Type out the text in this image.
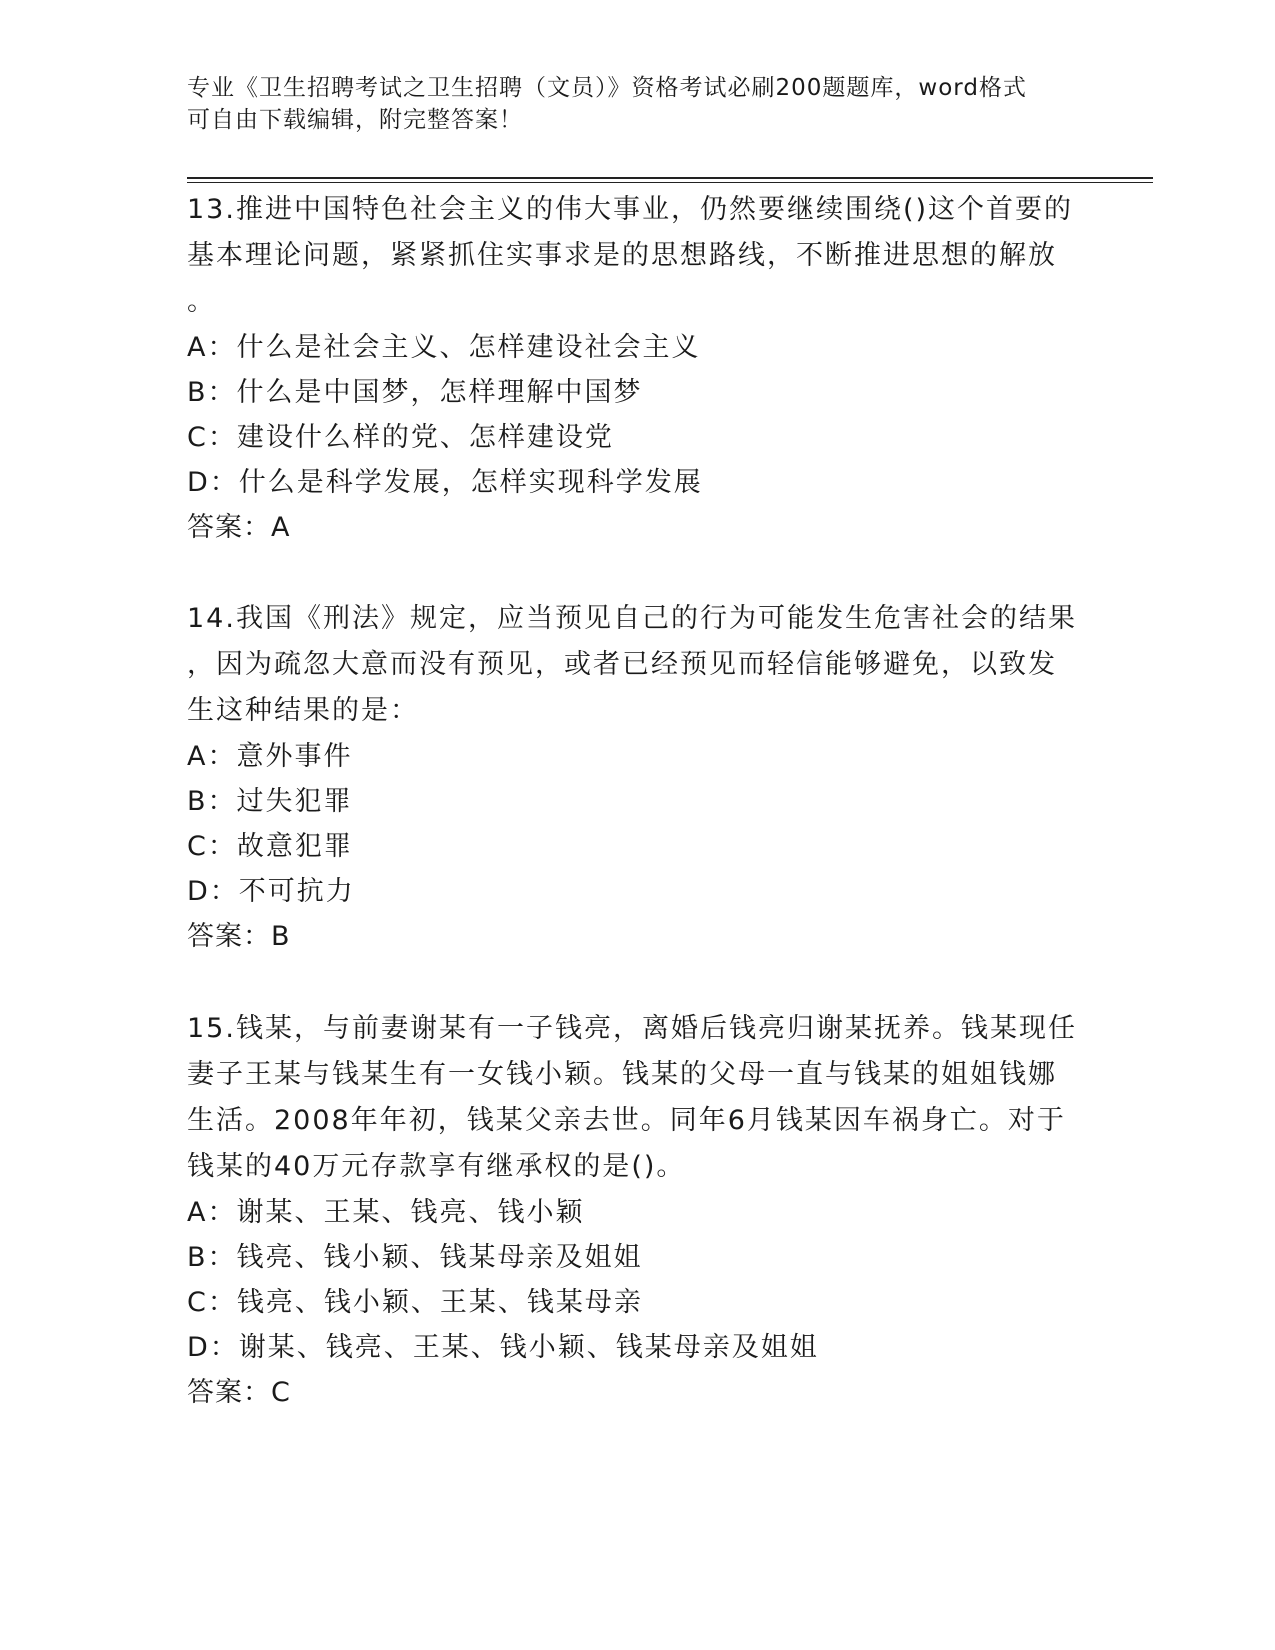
专业《卫生招聘考试之卫生招聘（文员）》资格考试必刷200题题库，word格式
可自由下载编辑，附完整答案！

13.推进中国特色社会主义的伟大事业，仍然要继续围绕()这个首要的

基本理论问题，紧紧抓住实事求是的思想路线，不断推进思想的解放

。

A：什么是社会主义、怎样建设社会主义

B：什么是中国梦，怎样理解中国梦

C：建设什么样的党、怎样建设党

D：什么是科学发展，怎样实现科学发展

答案：A

14.我国《刑法》规定，应当预见自己的行为可能发生危害社会的结果

，因为疏忽大意而没有预见，或者已经预见而轻信能够避免，以致发

生这种结果的是：

A：意外事件

B：过失犯罪

C：故意犯罪

D：不可抗力

答案：B

15.钱某，与前妻谢某有一子钱亮，离婚后钱亮归谢某抚养。钱某现任

妻子王某与钱某生有一女钱小颖。钱某的父母一直与钱某的姐姐钱娜

生活。2008年年初，钱某父亲去世。同年6月钱某因车祸身亡。对于

钱某的40万元存款享有继承权的是()。

A：谢某、王某、钱亮、钱小颖

B：钱亮、钱小颖、钱某母亲及姐姐

C：钱亮、钱小颖、王某、钱某母亲

D：谢某、钱亮、王某、钱小颖、钱某母亲及姐姐

答案：C
